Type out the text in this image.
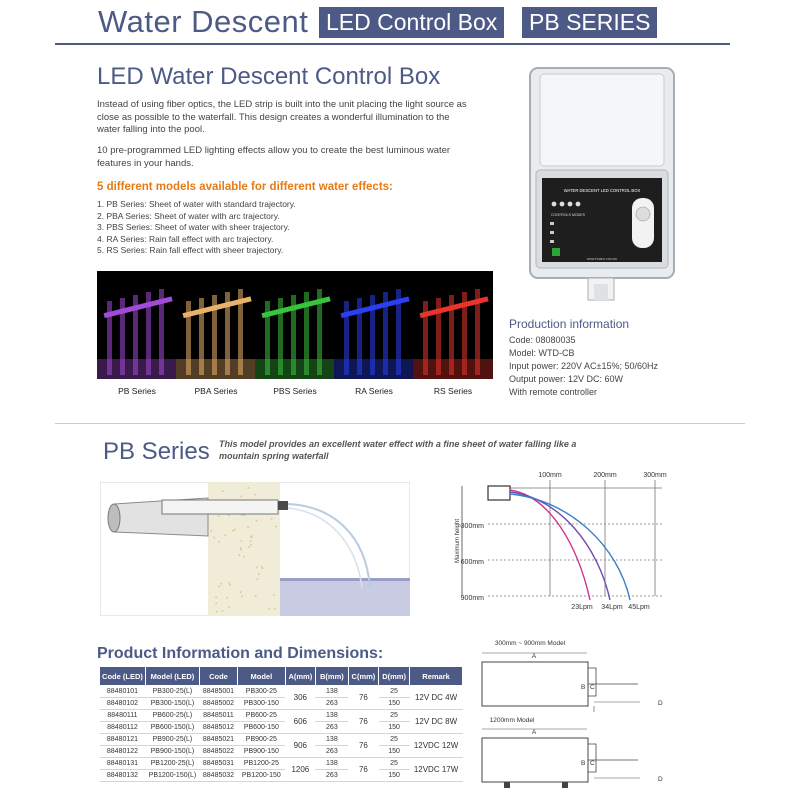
Water Descent LED Control Box	PB SERIES
LED Water Descent Control Box
Instead of using fiber optics, the LED strip is built into the unit placing the light source as close as possible to the waterfall. This design creates a wonderful illumination to the water falling into the pool.
10 pre-programmed LED lighting effects allow you to create the best luminous water features in your hands.
5 different models available for different water effects:
1. PB Series: Sheet of water with standard trajectory.
2. PBA Series: Sheet of water with arc trajectory.
3. PBS Series: Sheet of water with sheer trajectory.
4. RA Series: Rain fall effect with arc trajectory.
5. RS Series: Rain fall effect with sheer trajectory.
PB Series	PBA Series	PBS Series	RA Series	RS Series
WATER DESCENT LED CONTROL BOX
CONTROLS MODES
www.emaux.com.au
Production information
Code: 08080035
Model: WTD-CB
Input power: 220V AC±15%; 50/60Hz
Output power: 12V DC: 60W
With remote controller
PB Series This model provides an excellent water effect with a fine sheet of water falling like a mountain spring waterfall
100mm	200mm	300mm
300mm
600mm
900mm
Maximum height
23Lpm 34Lpm 45Lpm
Product Information and Dimensions:
Code (LED)	Model (LED)	Code	Model	A(mm)	B(mm)	C(mm)	D(mm)	Remark
88480101	PB300-25(L)	88485001	PB300-25	306	138	76	25	12V DC 4W
88480102	PB300-150(L)	88485002	PB300-150		263		150	
88480111	PB600-25(L)	88485011	PB600-25	606	138	76	25	12V DC 8W
88480112	PB600-150(L)	88485012	PB600-150		263		150	
88480121	PB900-25(L)	88485021	PB900-25	906	138	76	25	12VDC 12W
88480122	PB900-150(L)	88485022	PB900-150		263		150	
88480131	PB1200-25(L)	88485031	PB1200-25	1206	138	76	25	12VDC 17W
88480132	PB1200-150(L)	88485032	PB1200-150		263		150	
300mm ~ 900mm Model
A
B C
D
1200mm Model
A
B C
D
